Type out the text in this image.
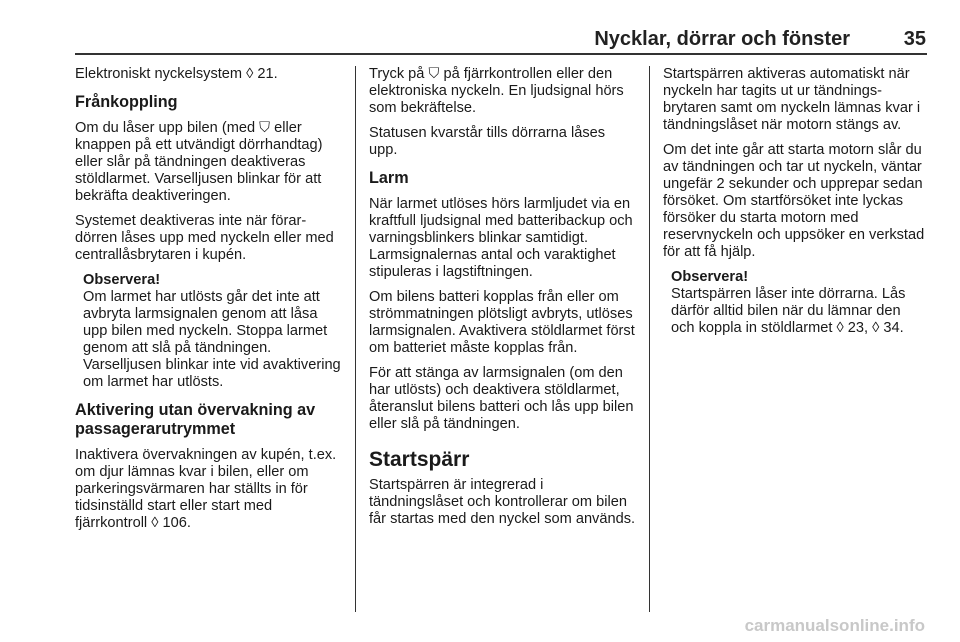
Nycklar, dörrar och fönster	35

Elektroniskt nyckelsystem ◊ 21.

Frånkoppling

Om du låser upp bilen (med ⛉ eller knappen på ett utvändigt dörrhandtag) eller slår på tändningen deaktiveras stöldlarmet. Varselljusen blinkar för att bekräfta deaktiveringen.

Systemet deaktiveras inte när förardörren låses upp med nyckeln eller med centrallåsbrytaren i kupén.

Observera!
Om larmet har utlösts går det inte att avbryta larmsignalen genom att låsa upp bilen med nyckeln. Stoppa larmet genom att slå på tändningen. Varselljusen blinkar inte vid avaktivering om larmet har utlösts.
Aktivering utan övervakning av passagerarutrymmet

Inaktivera övervakningen av kupén, t.ex. om djur lämnas kvar i bilen, eller om parkeringsvärmaren har ställts in för tidsinställd start eller start med fjärrkontroll ◊ 106.

Tryck på ⛉ på fjärrkontrollen eller den elektroniska nyckeln. En ljudsignal hörs som bekräftelse.

Statusen kvarstår tills dörrarna låses upp.

Larm

När larmet utlöses hörs larmljudet via en kraftfull ljudsignal med batteribackup och varningsblinkers blinkar samtidigt. Larmsignalernas antal och varaktighet stipuleras i lagstiftningen.

Om bilens batteri kopplas från eller om strömmatningen plötsligt avbryts, utlöses larmsignalen. Avaktivera stöldlarmet först om batteriet måste kopplas från.

För att stänga av larmsignalen (om den har utlösts) och deaktivera stöldlarmet, återanslut bilens batteri och lås upp bilen eller slå på tändningen.

Startspärr

Startspärren är integrerad i tändningslåset och kontrollerar om bilen får startas med den nyckel som används.

Startspärren aktiveras automatiskt när nyckeln har tagits ut ur tändningsbrytaren samt om nyckeln lämnas kvar i tändningslåset när motorn stängs av.

Om det inte går att starta motorn slår du av tändningen och tar ut nyckeln, väntar ungefär 2 sekunder och upprepar sedan försöket. Om startförsöket inte lyckas försöker du starta motorn med reservnyckeln och uppsöker en verkstad för att få hjälp.

Observera!
Startspärren låser inte dörrarna. Lås därför alltid bilen när du lämnar den och koppla in stöldlarmet ◊ 23, ◊ 34.
carmanualsonline.info
